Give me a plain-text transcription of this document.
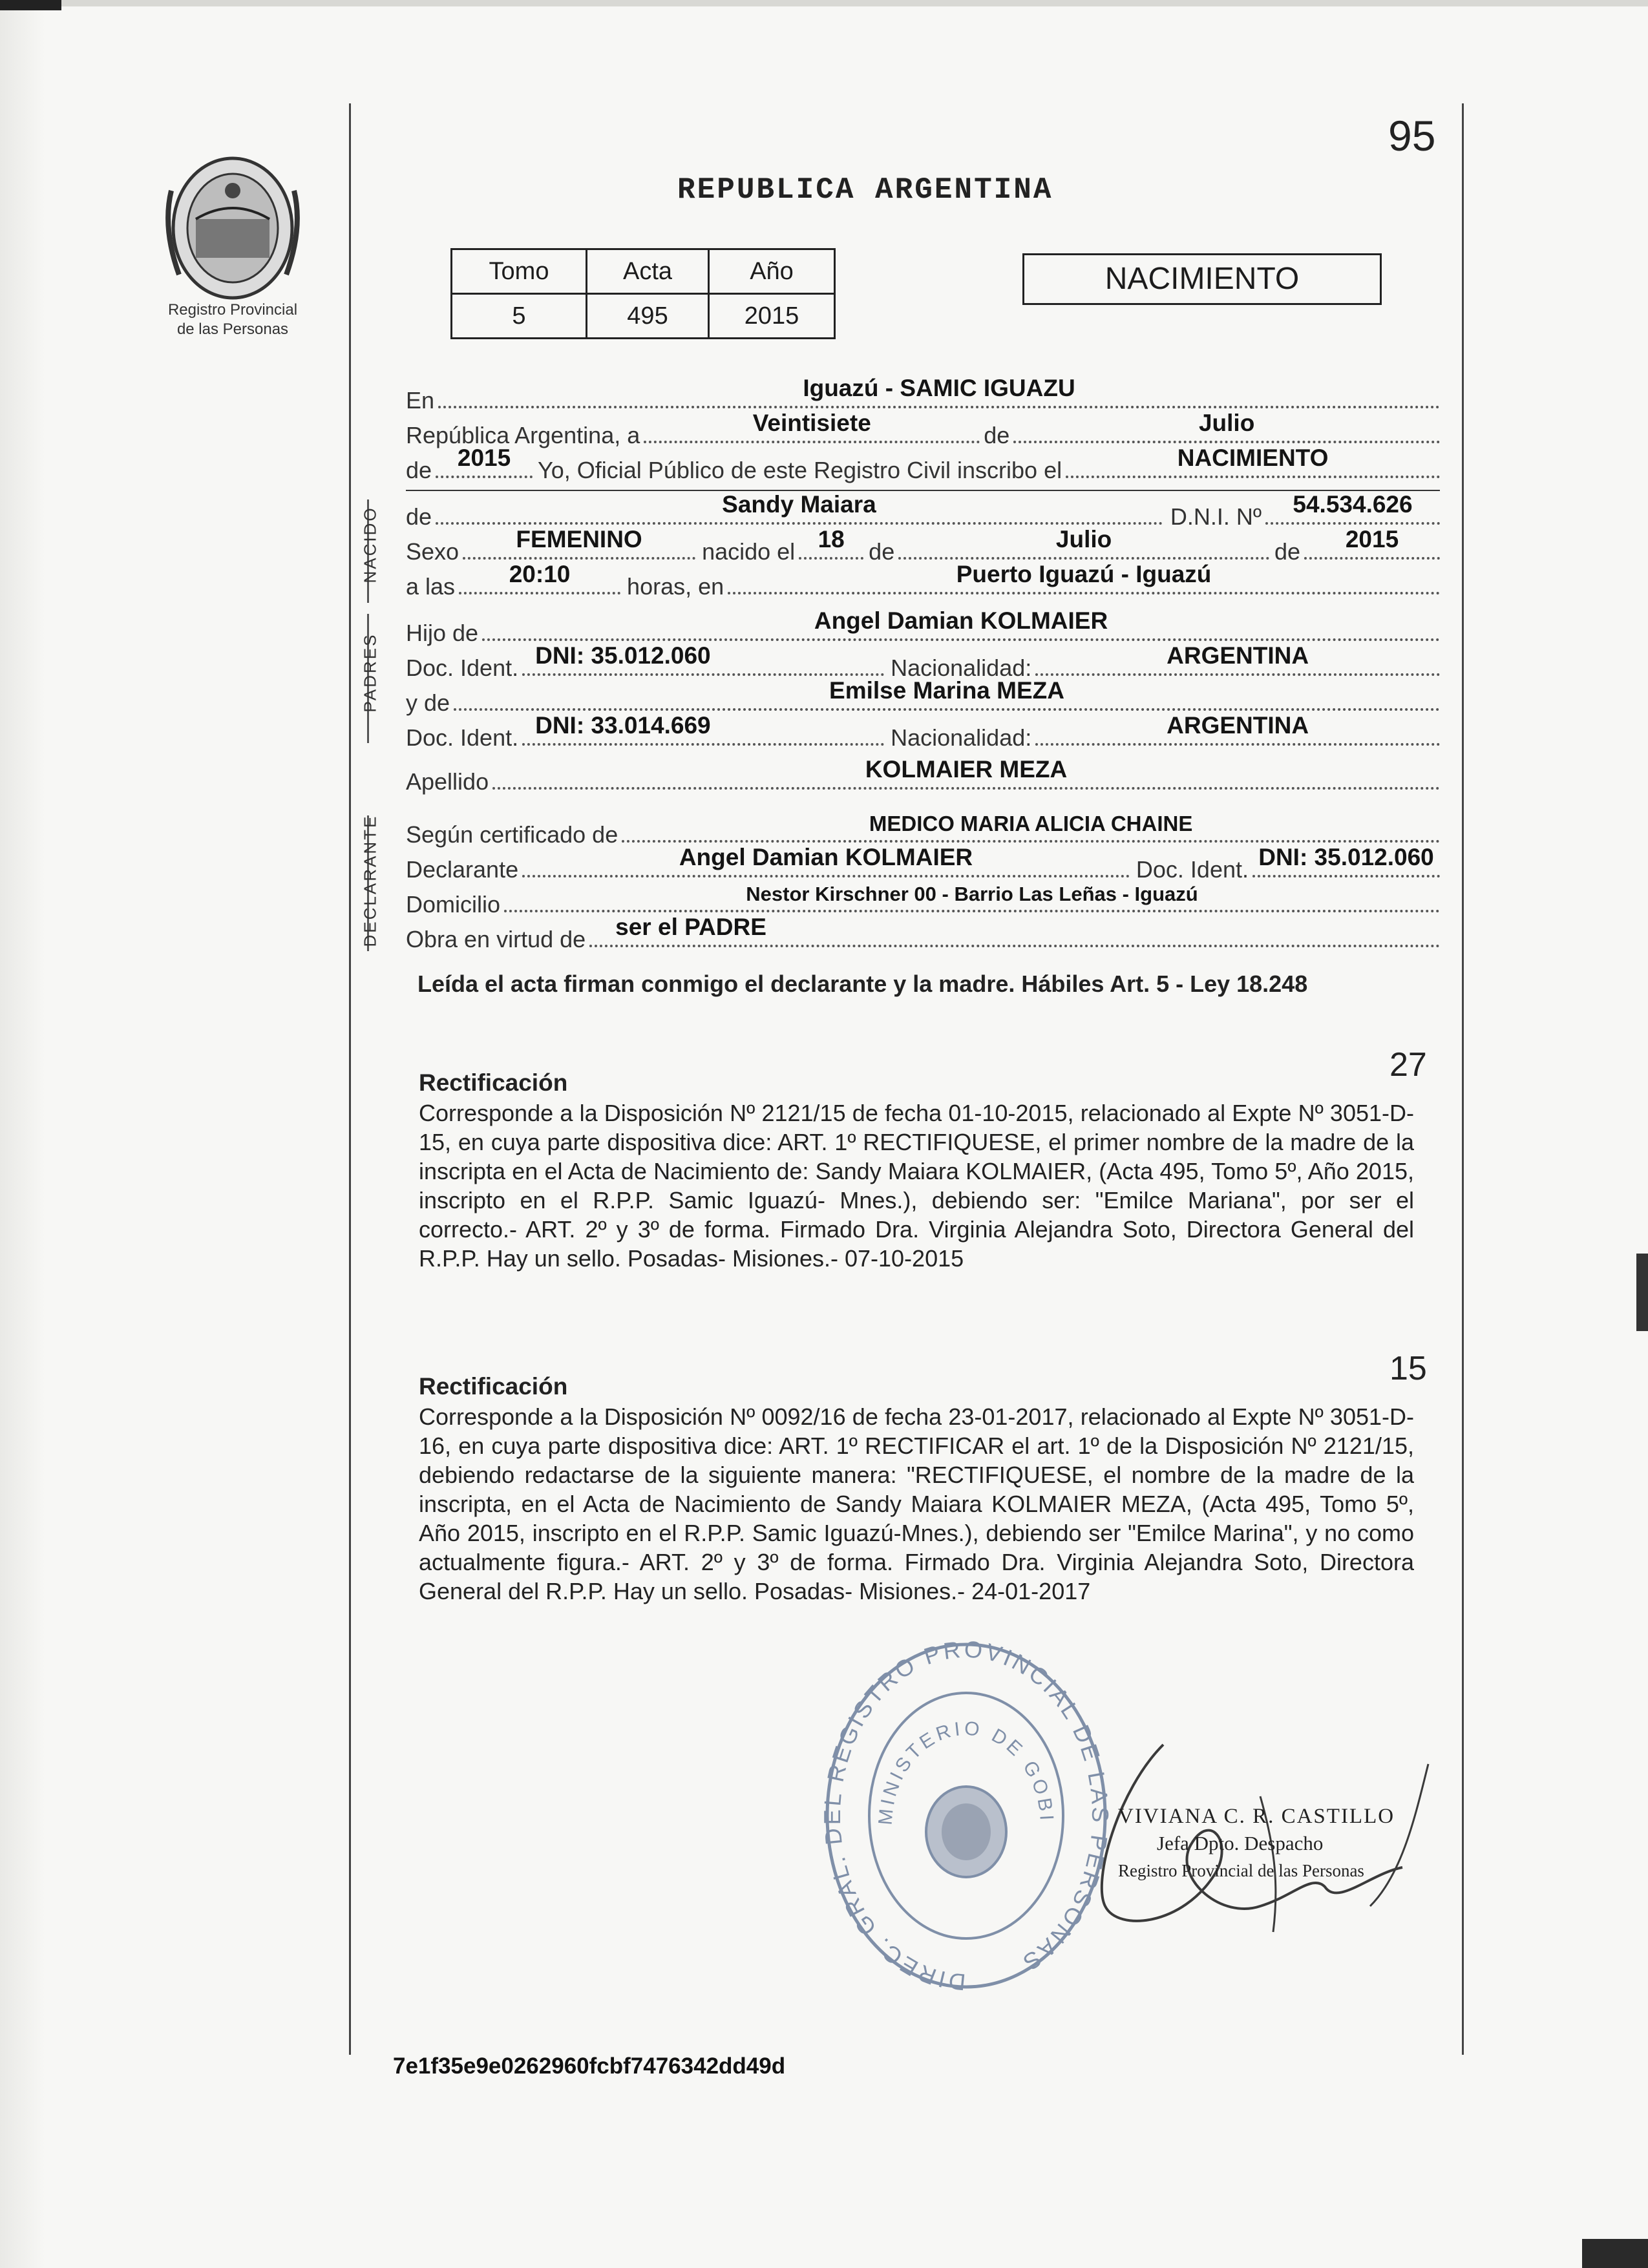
Registro Provincial
de las Personas
95
REPUBLICA ARGENTINA
Tomo	Acta	Año
5	495	2015
NACIMIENTO
En	Iguazú - SAMIC IGUAZU
República Argentina, a	Veintisiete	de	Julio
de	2015	Yo, Oficial Público de este Registro Civil inscribo el	NACIMIENTO
NACIDO de	Sandy Maiara	D.N.I. Nº	54.534.626
Sexo	FEMENINO	nacido el 18	de	Julio	de	2015
a las	20:10	horas, en	Puerto Iguazú - Iguazú
PADRES Hijo de	Angel Damian KOLMAIER
Doc. Ident. DNI: 35.012.060	Nacionalidad:	ARGENTINA
y de	Emilse Marina MEZA
Doc. Ident. DNI: 33.014.669	Nacionalidad:	ARGENTINA
Apellido	KOLMAIER MEZA
DECLARANTE Según certificado de	MEDICO MARIA ALICIA CHAINE
Declarante	Angel Damian KOLMAIER	Doc. Ident. DNI: 35.012.060
Domicilio	Nestor Kirschner 00 - Barrio Las Leñas - Iguazú
Obra en virtud de	ser el PADRE
Leída el acta firman conmigo el declarante y la madre. Hábiles Art. 5 - Ley 18.248
27
Rectificación
Corresponde a la Disposición Nº 2121/15 de fecha 01-10-2015, relacionado al Expte Nº 3051-D-15, en cuya parte dispositiva dice: ART. 1º RECTIFIQUESE, el primer nombre de la madre de la inscripta en el Acta de Nacimiento de: Sandy Maiara KOLMAIER, (Acta 495, Tomo 5º, Año 2015, inscripto en el R.P.P. Samic Iguazú- Mnes.), debiendo ser: "Emilce Mariana", por ser el correcto.- ART. 2º y 3º de forma. Firmado Dra. Virginia Alejandra Soto, Directora General del R.P.P. Hay un sello. Posadas- Misiones.- 07-10-2015
15
Rectificación
Corresponde a la Disposición Nº 0092/16 de fecha 23-01-2017, relacionado al Expte Nº 3051-D-16, en cuya parte dispositiva dice: ART. 1º RECTIFICAR el art. 1º de la Disposición Nº 2121/15, debiendo redactarse de la siguiente manera: "RECTIFIQUESE, el nombre de la madre de la inscripta, en el Acta de Nacimiento de Sandy Maiara KOLMAIER MEZA, (Acta 495, Tomo 5º, Año 2015, inscripto en el R.P.P. Samic Iguazú-Mnes.), debiendo ser "Emilce Marina", y no como actualmente figura.- ART. 2º y 3º de forma. Firmado Dra. Virginia Alejandra Soto, Directora General del R.P.P. Hay un sello. Posadas- Misiones.- 24-01-2017
DIREC. GRAL. DEL REGISTRO PROVINCIAL DE LAS PERSONAS
MINISTERIO DE GOBI	VIVIANA C. R. CASTILLO
Jefa Dpto. Despacho
Registro Provincial de las Personas
7e1f35e9e0262960fcbf7476342dd49d
